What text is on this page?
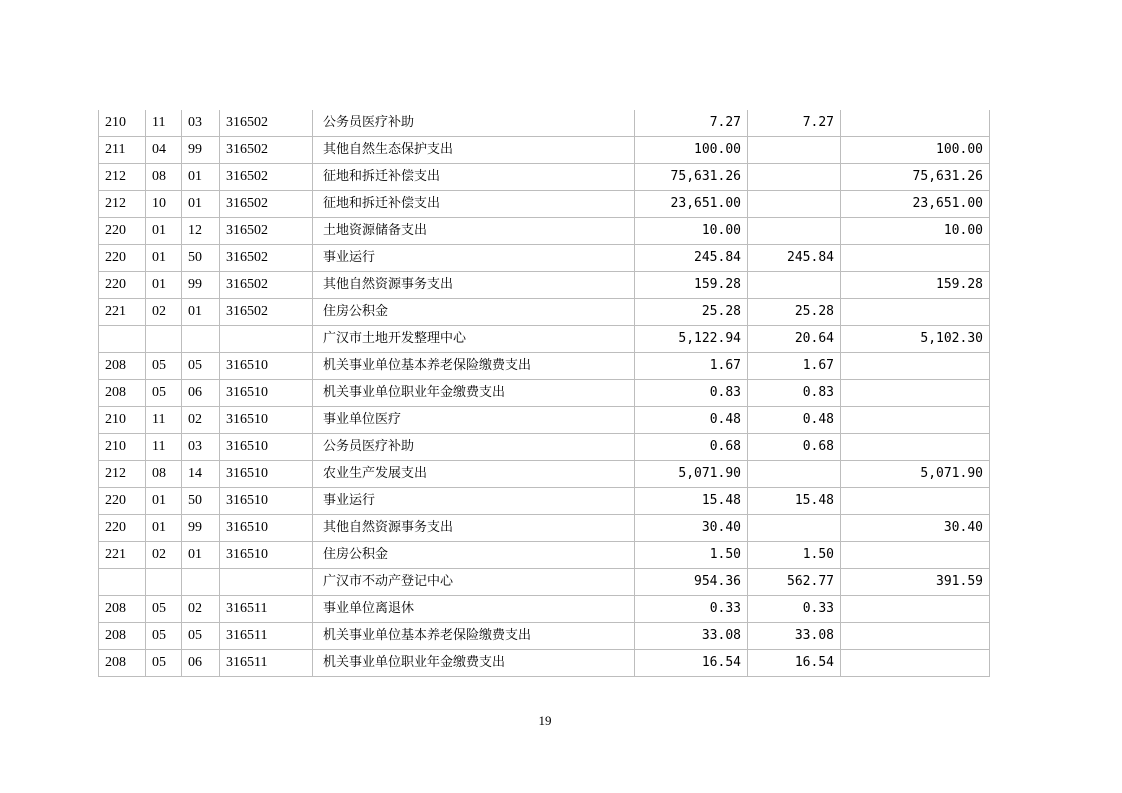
210	11	03	316502	公务员医疗补助	7.27	7.27	
211	04	99	316502	其他自然生态保护支出	100.00		100.00
212	08	01	316502	征地和拆迁补偿支出	75,631.26		75,631.26
212	10	01	316502	征地和拆迁补偿支出	23,651.00		23,651.00
220	01	12	316502	土地资源储备支出	10.00		10.00
220	01	50	316502	事业运行	245.84	245.84	
220	01	99	316502	其他自然资源事务支出	159.28		159.28
221	02	01	316502	住房公积金	25.28	25.28	
				广汉市土地开发整理中心	5,122.94	20.64	5,102.30
208	05	05	316510	机关事业单位基本养老保险缴费支出	1.67	1.67	
208	05	06	316510	机关事业单位职业年金缴费支出	0.83	0.83	
210	11	02	316510	事业单位医疗	0.48	0.48	
210	11	03	316510	公务员医疗补助	0.68	0.68	
212	08	14	316510	农业生产发展支出	5,071.90		5,071.90
220	01	50	316510	事业运行	15.48	15.48	
220	01	99	316510	其他自然资源事务支出	30.40		30.40
221	02	01	316510	住房公积金	1.50	1.50	
				广汉市不动产登记中心	954.36	562.77	391.59
208	05	02	316511	事业单位离退休	0.33	0.33	
208	05	05	316511	机关事业单位基本养老保险缴费支出	33.08	33.08	
208	05	06	316511	机关事业单位职业年金缴费支出	16.54	16.54	
19
